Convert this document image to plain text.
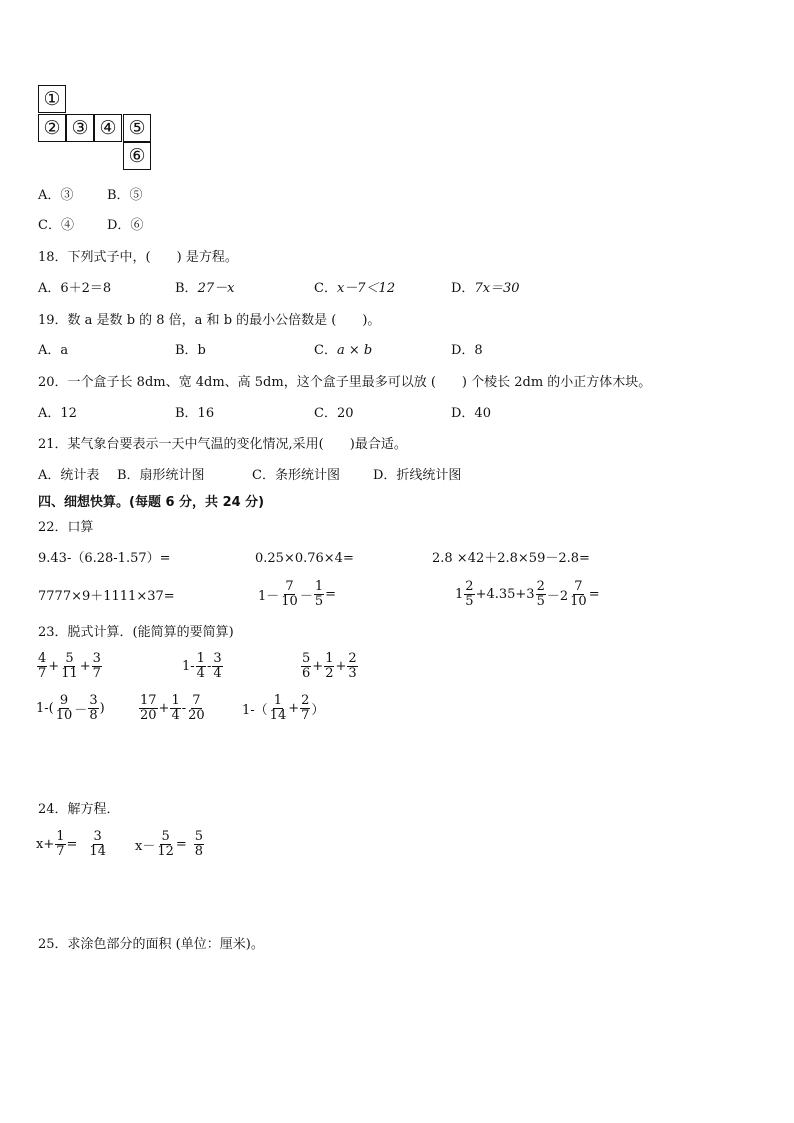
①
② ③ ④ ⑤
⑥
A．③	B．⑤
C．④	D．⑥
18．下列式子中，(　　) 是方程。
A．6＋2＝8	B．27－x	C．x－7＜12	D．7x＝30
19．数 a 是数 b 的 8 倍，a 和 b 的最小公倍数是 (　　)。
A．a	B．b	C．a × b	D．8
20．一个盒子长 8dm、宽 4dm、高 5dm，这个盒子里最多可以放 (　　) 个棱长 2dm 的小正方体木块。
A．12	B．16	C．20	D．40
21．某气象台要表示一天中气温的变化情况,采用(　　)最合适。
A．统计表 B．扇形统计图	C．条形统计图	D．折线统计图
四、细想快算。(每题 6 分，共 24 分)
22．口算
9.43-（6.28-1.57）=	0.25×0.76×4=	2.8 ×42＋2.8×59－2.8=
7777×9＋1111×37=	$1- \frac{7}{10} - \frac{1}{5}$ =	$1 \frac{2}{5} +4.35+3 \frac{2}{5} -2 \frac{7}{10}$ =
23．脱式计算．(能简算的要简算)
$\frac{4}{7} + \frac{5}{11} + \frac{3}{7}$	$1- \frac{1}{4} - \frac{3}{4}$	$\frac{5}{6} + \frac{1}{2} + \frac{2}{3}$
$1-( \frac{9}{10} - \frac{3}{8}$ )	$\frac{17}{20} + \frac{1}{4} - \frac{7}{20}$	$1-( \frac{1}{14} + \frac{2}{7}$ ）
24．解方程．
$x+ \frac{1}{7} = \frac{3}{14} x- \frac{5}{12} = \frac{5}{8}$
25．求涂色部分的面积 (单位：厘米)。
